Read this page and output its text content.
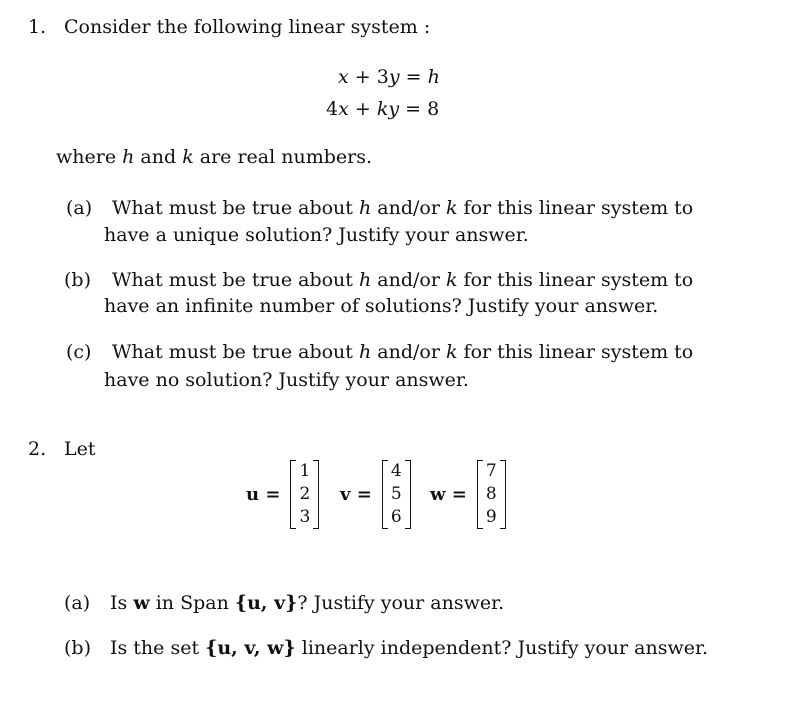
1. Consider the following linear system :
x + 3y = h
4x + ky = 8
where h and k are real numbers.
(a) What must be true about h and/or k for this linear system to
have a unique solution? Justify your answer.
(b) What must be true about h and/or k for this linear system to
have an infinite number of solutions? Justify your answer.
(c) What must be true about h and/or k for this linear system to
have no solution? Justify your answer.
2. Let
u =
1
2
3
v =
4
5
6
w =
7
8
9
(a) Is w in Span {u, v}? Justify your answer.
(b) Is the set {u, v, w} linearly independent? Justify your answer.
